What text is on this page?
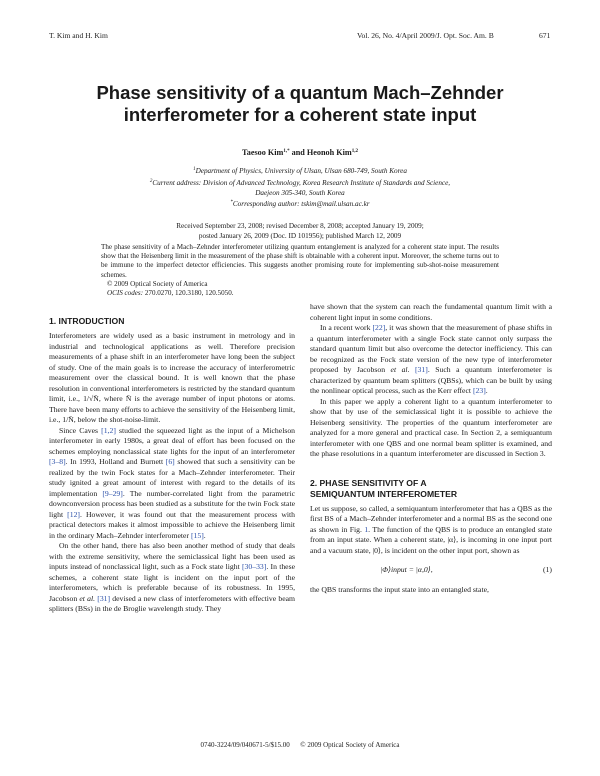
T. Kim and H. Kim	Vol. 26, No. 4/April 2009/J. Opt. Soc. Am. B	671
Phase sensitivity of a quantum Mach–Zehnder
interferometer for a coherent state input
Taesoo Kim$^{1,*}$ and Heonoh Kim$^{1,2}$
$^1$Department of Physics, University of Ulsan, Ulsan 680-749, South Korea
$^2$Current address: Division of Advanced Technology, Korea Research Institute of Standards and Science,
Daejeon 305-340, South Korea
*Corresponding author: tskim@mail.ulsan.ac.kr
Received September 23, 2008; revised December 8, 2008; accepted January 19, 2009;
posted January 26, 2009 (Doc. ID 101956); published March 12, 2009
The phase sensitivity of a Mach–Zehnder interferometer utilizing quantum entanglement is analyzed for a coherent state input. The results show that the Heisenberg limit in the measurement of the phase shift is obtainable with a coherent input. Moreover, the scheme turns out to be immune to the imperfect detector efficiencies. This suggests another promising route for implementing sub-shot-noise measurement schemes.
© 2009 Optical Society of America
OCIS codes: 270.0270, 120.3180, 120.5050.
1. INTRODUCTION

Interferometers are widely used as a basic instrument in metrology and in industrial and technological applications as well. Therefore precision measurements of a phase shift in an interferometer have long been the subject of study. One of the main goals is to increase the accuracy of interferometric measurement over the classical bound. It is well known that the phase resolution in conventional interferometers is restricted by the standard quantum limit, i.e., 1/√N̄, where N̄ is the average number of input photons or atoms. There have been many efforts to achieve the sensitivity of the Heisenberg limit, i.e., 1/N̄, below the shot-noise-limit.

Since Caves [1,2] studied the squeezed light as the input of a Michelson interferometer in early 1980s, a great deal of effort has been focused on the schemes employing nonclassical state lights for the input of an interferometer [3–8]. In 1993, Holland and Burnett [6] showed that such a sensitivity can be realized by the twin Fock states for a Mach–Zehnder interferometer. Their study ignited a great amount of interest with regard to the details of its implementation [9–29]. The number-correlated light from the parametric downconversion process has been studied as a substitute for the twin Fock state light [12]. However, it was found out that the measurement process with practical detectors makes it almost impossible to achieve the Heisenberg limit in the ordinary Mach–Zehnder interferometer [15].

On the other hand, there has also been another method of study that deals with the extreme sensitivity, where the semiclassical light has been used as inputs instead of nonclassical light, such as a Fock state light [30–33]. In these schemes, a coherent state light is incident on the input port of the interferometers, which is preferable because of its robustness. In 1995, Jacobson et al. [31] devised a new class of interferometers with effective beam splitters (BSs) in the de Broglie wavelength study. They

have shown that the system can reach the fundamental quantum limit with a coherent light input in some conditions.

In a recent work [22], it was shown that the measurement of phase shifts in a quantum interferometer with a single Fock state cannot only surpass the standard quantum limit but also overcome the detector inefficiency. This can be recognized as the Fock state version of the new type of interferometer proposed by Jacobson et al. [31]. Such a quantum interferometer is characterized by quantum beam splitters (QBSs), which can be built by using the nonlinear optical process, such as the Kerr effect [23].

In this paper we apply a coherent light to a quantum interferometer to show that by use of the semiclassical light it is possible to achieve the Heisenberg sensitivity. The properties of the quantum interferometer are analyzed for a more general and practical case. In Section 2, a semiquantum interferometer with one QBS and one normal beam splitter is examined, and the phase resolutions in a quantum interferometer are discussed in Section 3.

2. PHASE SENSITIVITY OF A
SEMIQUANTUM INTERFEROMETER

Let us suppose, so called, a semiquantum interferometer that has a QBS as the first BS of a Mach–Zehnder interferometer and a normal BS as the second one as shown in Fig. 1. The function of the QBS is to produce an entangled state from an input state. When a coherent state, |α⟩, is incoming in one input port and a vacuum state, |0⟩, is incident on the other input port, shown as

|Φ⟩input = |α,0⟩,	(1)

the QBS transforms the input state into an entangled state,

0740-3224/09/040671-5/$15.00 © 2009 Optical Society of America
